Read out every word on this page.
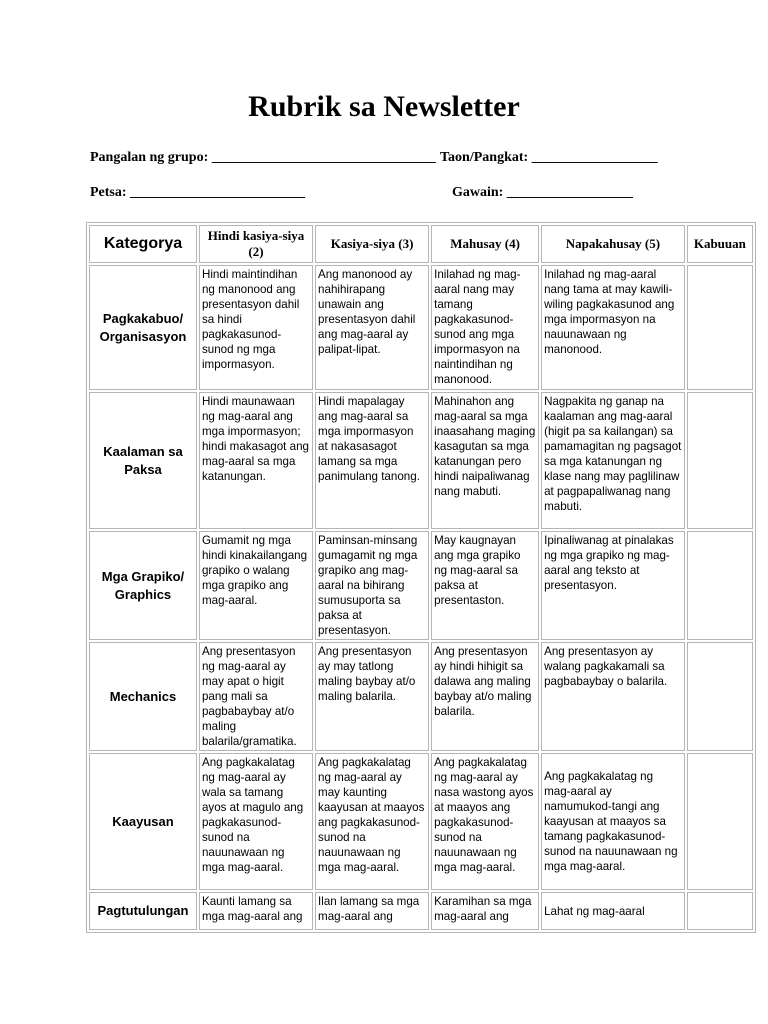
Rubrik sa Newsletter
Pangalan ng grupo: ________________________________ Taon/Pangkat: __________________
Petsa: _________________________	Gawain: __________________
Kategorya	Hindi kasiya-siya (2)	Kasiya-siya (3)	Mahusay (4)	Napakahusay (5)	Kabuuan
Pagkakabuo/ Organisasyon	Hindi maintindihan ng manonood ang presentasyon dahil sa hindi pagkakasunod-sunod ng mga impormasyon.	Ang manonood ay nahihirapang unawain ang presentasyon dahil ang mag-aaral ay palipat-lipat.	Inilahad ng mag-aaral nang may tamang pagkakasunod-sunod ang mga impormasyon na naintindihan ng manonood.	Inilahad ng mag-aaral nang tama at may kawili-wiling pagkakasunod ang mga impormasyon na nauunawaan ng manonood.	
Kaalaman sa Paksa	Hindi maunawaan ng mag-aaral ang mga impormasyon; hindi makasagot ang mag-aaral sa mga katanungan.	Hindi mapalagay ang mag-aaral sa mga impormasyon at nakasasagot lamang sa mga panimulang tanong.	Mahinahon ang mag-aaral sa mga inaasahang maging kasagutan sa mga katanungan pero hindi naipaliwanag nang mabuti.	Nagpakita ng ganap na kaalaman ang mag-aaral (higit pa sa kailangan) sa pamamagitan ng pagsagot sa mga katanungan ng klase nang may paglilinaw at pagpapaliwanag nang mabuti.	
Mga Grapiko/ Graphics	Gumamit ng mga hindi kinakailangang grapiko o walang mga grapiko ang mag-aaral.	Paminsan-minsang gumagamit ng mga grapiko ang mag-aaral na bihirang sumusuporta sa paksa at presentasyon.	May kaugnayan ang mga grapiko ng mag-aaral sa paksa at presentaston.	Ipinaliwanag at pinalakas ng mga grapiko ng mag-aaral ang teksto at presentasyon.	
Mechanics	Ang presentasyon ng mag-aaral ay may apat o higit pang mali sa pagbabaybay at/o maling balarila/gramatika.	Ang presentasyon ay may tatlong maling baybay at/o maling balarila.	Ang presentasyon ay hindi hihigit sa dalawa ang maling baybay at/o maling balarila.	Ang presentasyon ay walang pagkakamali sa pagbabaybay o balarila.	
Kaayusan	Ang pagkakalatag ng mag-aaral ay wala sa tamang ayos at magulo ang pagkakasunod-sunod na nauunawaan ng mga mag-aaral.	Ang pagkakalatag ng mag-aaral ay may kaunting kaayusan at maayos ang pagkakasunod-sunod na nauunawaan ng mga mag-aaral.	Ang pagkakalatag ng mag-aaral ay nasa wastong ayos at maayos ang pagkakasunod-sunod na nauunawaan ng mga mag-aaral.	Ang pagkakalatag ng mag-aaral ay namumukod-tangi ang kaayusan at maayos sa tamang pagkakasunod-sunod na nauunawaan ng mga mag-aaral.	
Pagtutulungan	Kaunti lamang sa mga mag-aaral ang	Ilan lamang sa mga mag-aaral ang	Karamihan sa mga mag-aaral ang	Lahat ng mag-aaral	
